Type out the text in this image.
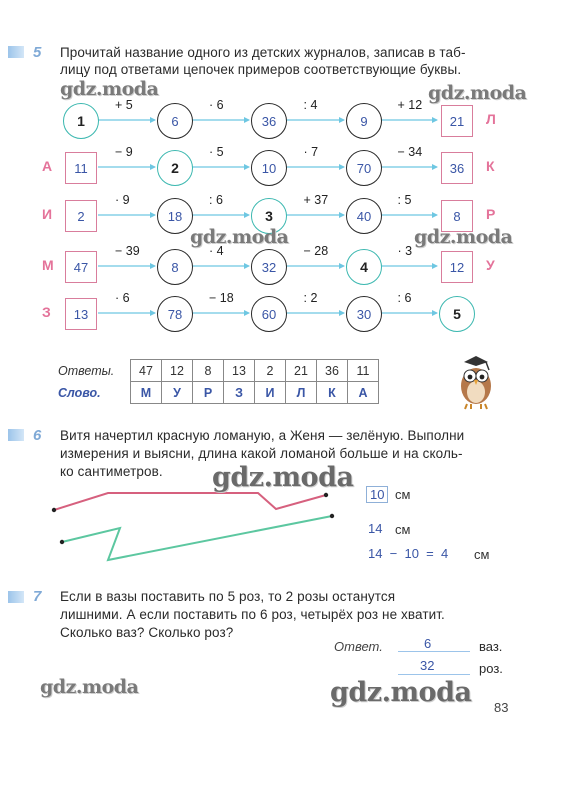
5 Прочитай название одного из детских журналов, записав в таб-
лицу под ответами цепочек примеров соответствующие буквы.
Л
+ 5	· 6	: 4	+ 12
1	6	36	9	21
А	К
− 9	· 5	· 7	− 34
11	2	10	70	36
И	Р
· 9	: 6	+ 37	: 5
2	18	3	40	8
М	У
− 39	· 4	− 28	· 3
47	8	32	4	12
З
· 6	− 18	: 2	: 6
13	78	60	30	5
Ответы.	47	12	8	13	2	21	36	11
Слово.	М	У	Р	З	И	Л	К	А
6 Витя начертил красную ломаную, а Женя — зелёную. Выполни
измерения и выясни, длина какой ломаной больше и на сколь-
ко сантиметров.
10 см
14 см
14  −  10  =  4 см
7 Если в вазы поставить по 5 роз, то 2 розы останутся
лишними. А если поставить по 6 роз, четырёх роз не хватит.
Сколько ваз? Сколько роз?
Ответ.	6	ваз.
32	роз.
83
gdz.moda	gdz.moda
gdz.moda	gdz.moda
gdz.moda
gdz.moda	gdz.moda
